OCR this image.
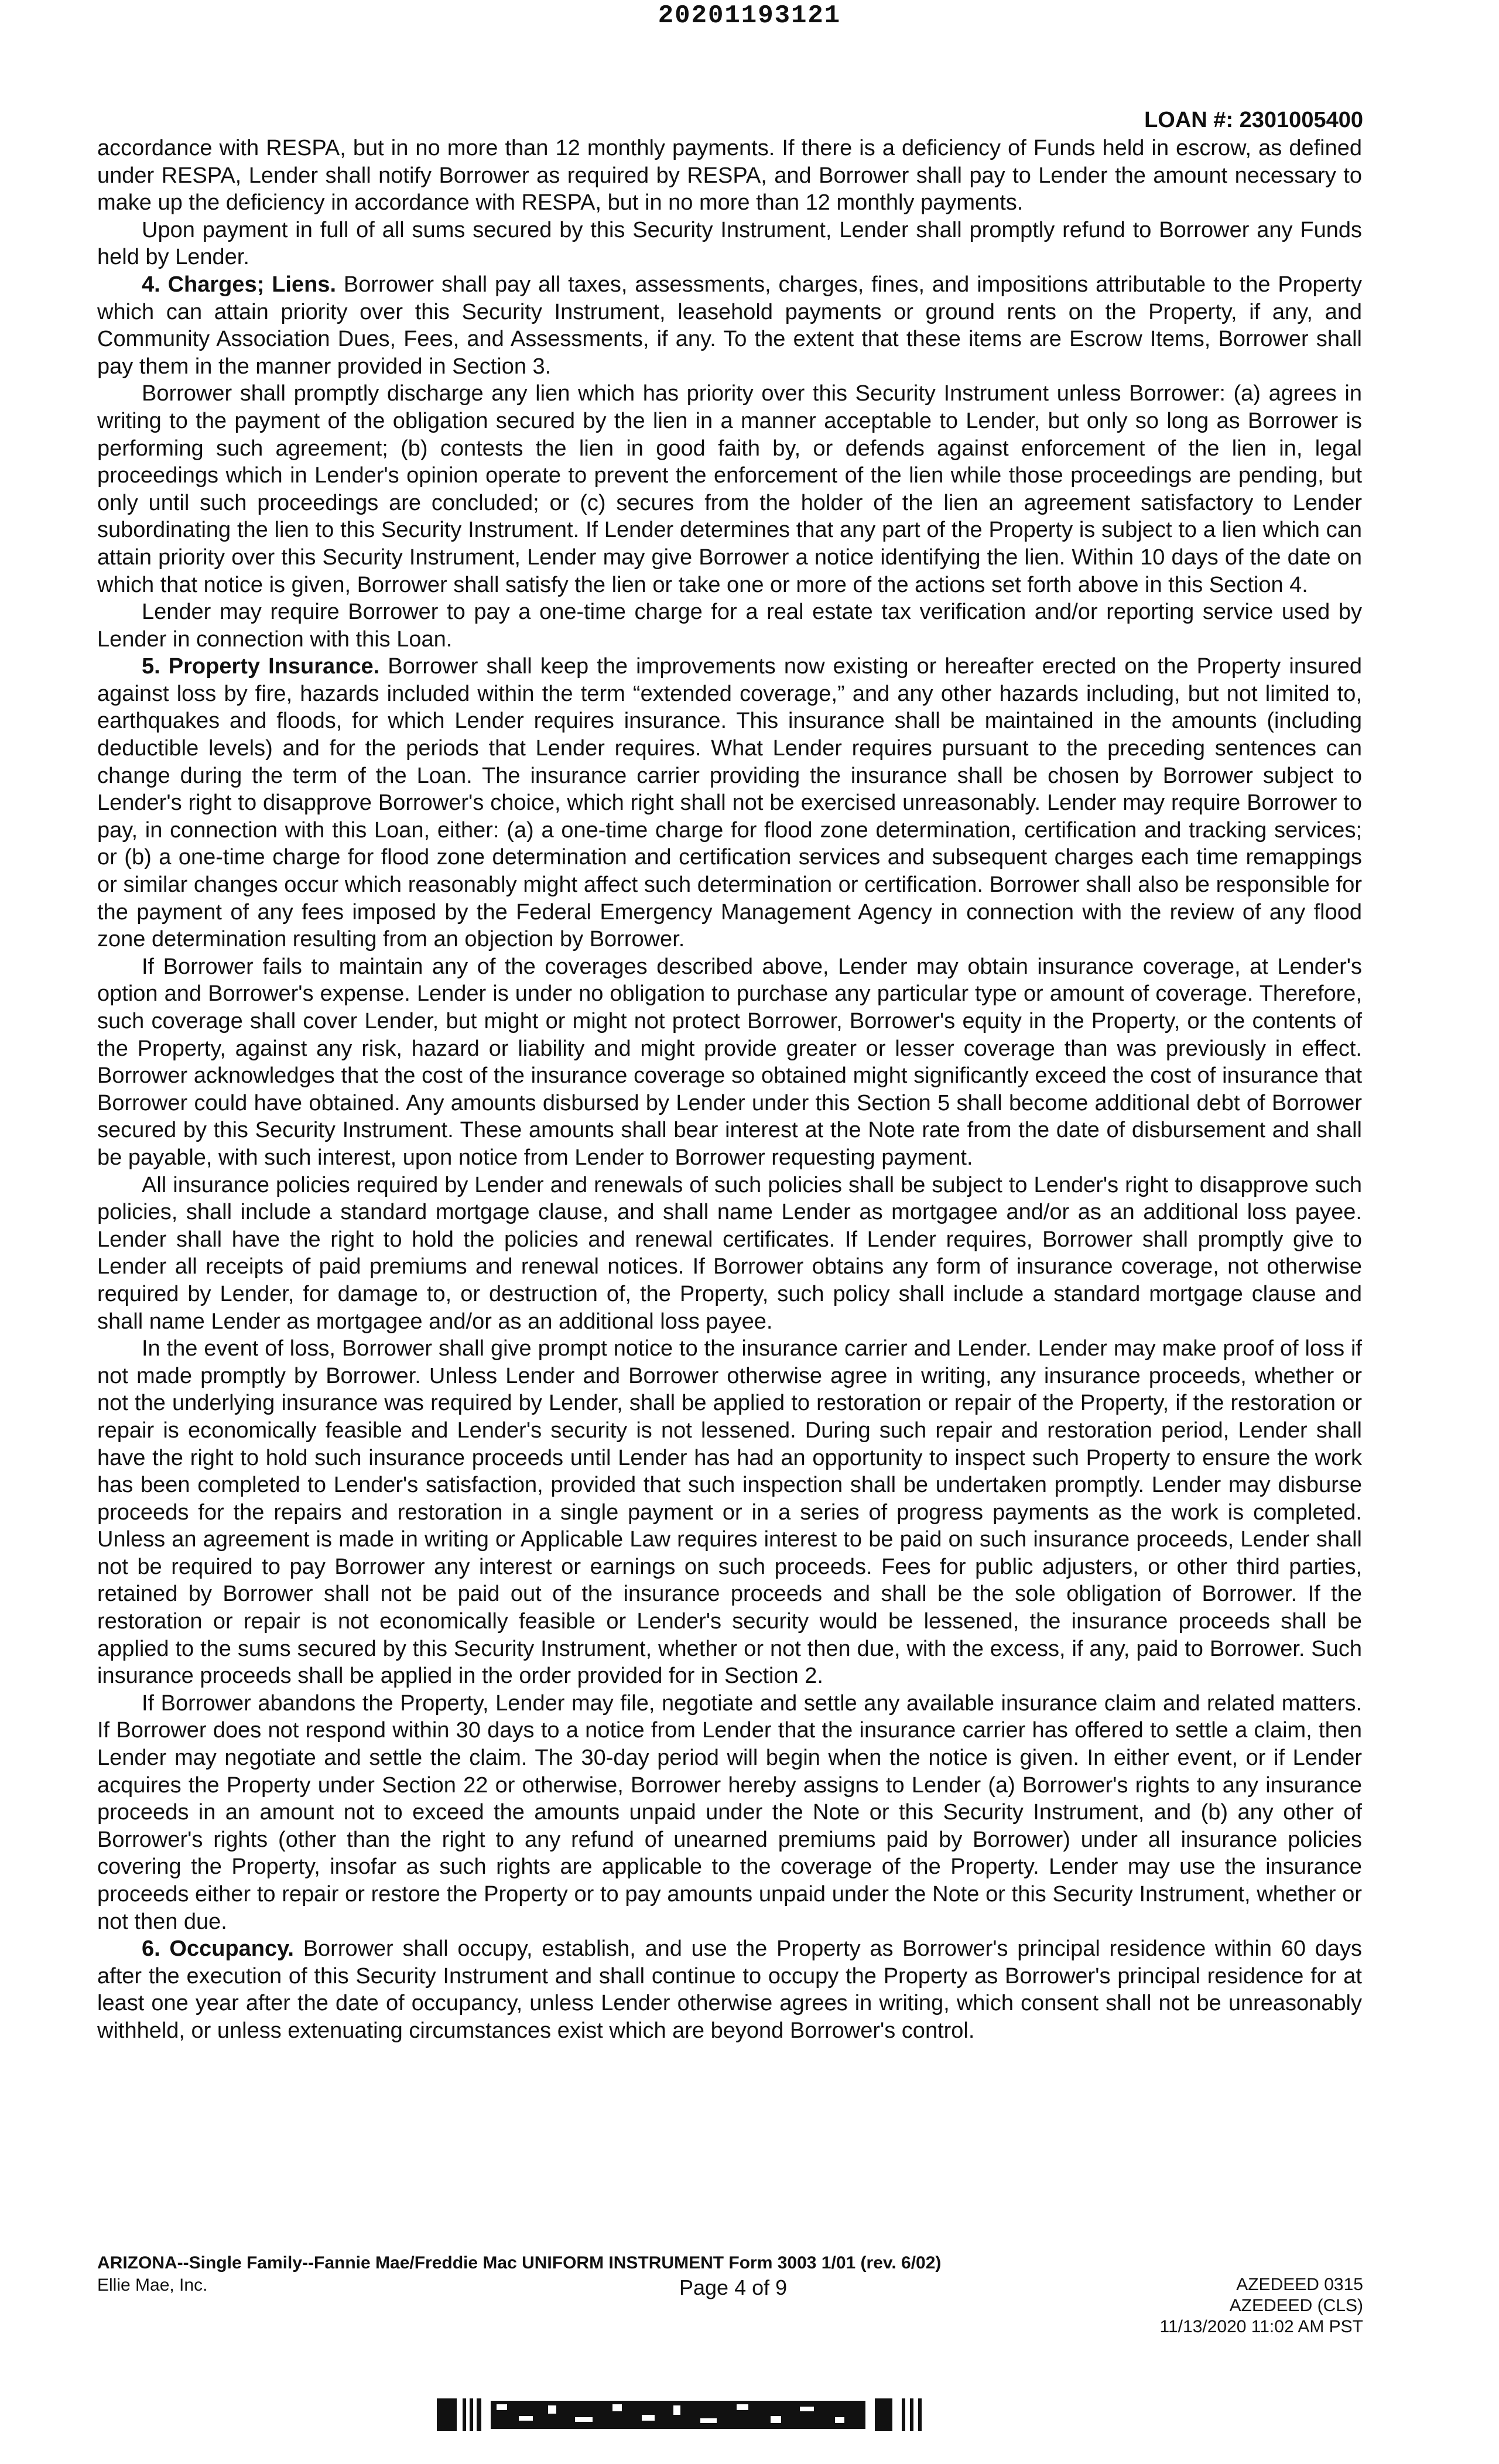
20201193121
LOAN #: 2301005400

accordance with RESPA, but in no more than 12 monthly payments. If there is a deficiency of Funds held in escrow, as defined under RESPA, Lender shall notify Borrower as required by RESPA, and Borrower shall pay to Lender the amount necessary to make up the deficiency in accordance with RESPA, but in no more than 12 monthly payments.

Upon payment in full of all sums secured by this Security Instrument, Lender shall promptly refund to Borrower any Funds held by Lender.

4. Charges; Liens. Borrower shall pay all taxes, assessments, charges, fines, and impositions attributable to the Property which can attain priority over this Security Instrument, leasehold payments or ground rents on the Property, if any, and Community Association Dues, Fees, and Assessments, if any. To the extent that these items are Escrow Items, Borrower shall pay them in the manner provided in Section 3.

Borrower shall promptly discharge any lien which has priority over this Security Instrument unless Borrower: (a) agrees in writing to the payment of the obligation secured by the lien in a manner acceptable to Lender, but only so long as Borrower is performing such agreement; (b) contests the lien in good faith by, or defends against enforcement of the lien in, legal proceedings which in Lender's opinion operate to prevent the enforcement of the lien while those proceedings are pending, but only until such proceedings are concluded; or (c) secures from the holder of the lien an agreement satisfactory to Lender subordinating the lien to this Security Instrument. If Lender determines that any part of the Property is subject to a lien which can attain priority over this Security Instrument, Lender may give Borrower a notice identifying the lien. Within 10 days of the date on which that notice is given, Borrower shall satisfy the lien or take one or more of the actions set forth above in this Section 4.

Lender may require Borrower to pay a one-time charge for a real estate tax verification and/or reporting service used by Lender in connection with this Loan.

5. Property Insurance. Borrower shall keep the improvements now existing or hereafter erected on the Property insured against loss by fire, hazards included within the term “extended coverage,” and any other hazards including, but not limited to, earthquakes and floods, for which Lender requires insurance. This insurance shall be maintained in the amounts (including deductible levels) and for the periods that Lender requires. What Lender requires pursuant to the preceding sentences can change during the term of the Loan. The insurance carrier providing the insurance shall be chosen by Borrower subject to Lender's right to disapprove Borrower's choice, which right shall not be exercised unreasonably. Lender may require Borrower to pay, in connection with this Loan, either: (a) a one-time charge for flood zone determination, certification and tracking services; or (b) a one-time charge for flood zone determination and certification services and subsequent charges each time remappings or similar changes occur which reasonably might affect such determination or certification. Borrower shall also be responsible for the payment of any fees imposed by the Federal Emergency Management Agency in connection with the review of any flood zone determination resulting from an objection by Borrower.

If Borrower fails to maintain any of the coverages described above, Lender may obtain insurance coverage, at Lender's option and Borrower's expense. Lender is under no obligation to purchase any particular type or amount of coverage. Therefore, such coverage shall cover Lender, but might or might not protect Borrower, Borrower's equity in the Property, or the contents of the Property, against any risk, hazard or liability and might provide greater or lesser coverage than was previously in effect. Borrower acknowledges that the cost of the insurance coverage so obtained might significantly exceed the cost of insurance that Borrower could have obtained. Any amounts disbursed by Lender under this Section 5 shall become additional debt of Borrower secured by this Security Instrument. These amounts shall bear interest at the Note rate from the date of disbursement and shall be payable, with such interest, upon notice from Lender to Borrower requesting payment.

All insurance policies required by Lender and renewals of such policies shall be subject to Lender's right to disapprove such policies, shall include a standard mortgage clause, and shall name Lender as mortgagee and/or as an additional loss payee. Lender shall have the right to hold the policies and renewal certificates. If Lender requires, Borrower shall promptly give to Lender all receipts of paid premiums and renewal notices. If Borrower obtains any form of insurance coverage, not otherwise required by Lender, for damage to, or destruction of, the Property, such policy shall include a standard mortgage clause and shall name Lender as mortgagee and/or as an additional loss payee.

In the event of loss, Borrower shall give prompt notice to the insurance carrier and Lender. Lender may make proof of loss if not made promptly by Borrower. Unless Lender and Borrower otherwise agree in writing, any insurance proceeds, whether or not the underlying insurance was required by Lender, shall be applied to restoration or repair of the Property, if the restoration or repair is economically feasible and Lender's security is not lessened. During such repair and restoration period, Lender shall have the right to hold such insurance proceeds until Lender has had an opportunity to inspect such Property to ensure the work has been completed to Lender's satisfaction, provided that such inspection shall be undertaken promptly. Lender may disburse proceeds for the repairs and restoration in a single payment or in a series of progress payments as the work is completed. Unless an agreement is made in writing or Applicable Law requires interest to be paid on such insurance proceeds, Lender shall not be required to pay Borrower any interest or earnings on such proceeds. Fees for public adjusters, or other third parties, retained by Borrower shall not be paid out of the insurance proceeds and shall be the sole obligation of Borrower. If the restoration or repair is not economically feasible or Lender's security would be lessened, the insurance proceeds shall be applied to the sums secured by this Security Instrument, whether or not then due, with the excess, if any, paid to Borrower. Such insurance proceeds shall be applied in the order provided for in Section 2.

If Borrower abandons the Property, Lender may file, negotiate and settle any available insurance claim and related matters. If Borrower does not respond within 30 days to a notice from Lender that the insurance carrier has offered to settle a claim, then Lender may negotiate and settle the claim. The 30-day period will begin when the notice is given. In either event, or if Lender acquires the Property under Section 22 or otherwise, Borrower hereby assigns to Lender (a) Borrower's rights to any insurance proceeds in an amount not to exceed the amounts unpaid under the Note or this Security Instrument, and (b) any other of Borrower's rights (other than the right to any refund of unearned premiums paid by Borrower) under all insurance policies covering the Property, insofar as such rights are applicable to the coverage of the Property. Lender may use the insurance proceeds either to repair or restore the Property or to pay amounts unpaid under the Note or this Security Instrument, whether or not then due.

6. Occupancy. Borrower shall occupy, establish, and use the Property as Borrower's principal residence within 60 days after the execution of this Security Instrument and shall continue to occupy the Property as Borrower's principal residence for at least one year after the date of occupancy, unless Lender otherwise agrees in writing, which consent shall not be unreasonably withheld, or unless extenuating circumstances exist which are beyond Borrower's control.

ARIZONA--Single Family--Fannie Mae/Freddie Mac UNIFORM INSTRUMENT Form 3003 1/01 (rev. 6/02)
Ellie Mae, Inc.	Page 4 of 9	AZEDEED 0315
AZEDEED (CLS)
11/13/2020 11:02 AM PST
